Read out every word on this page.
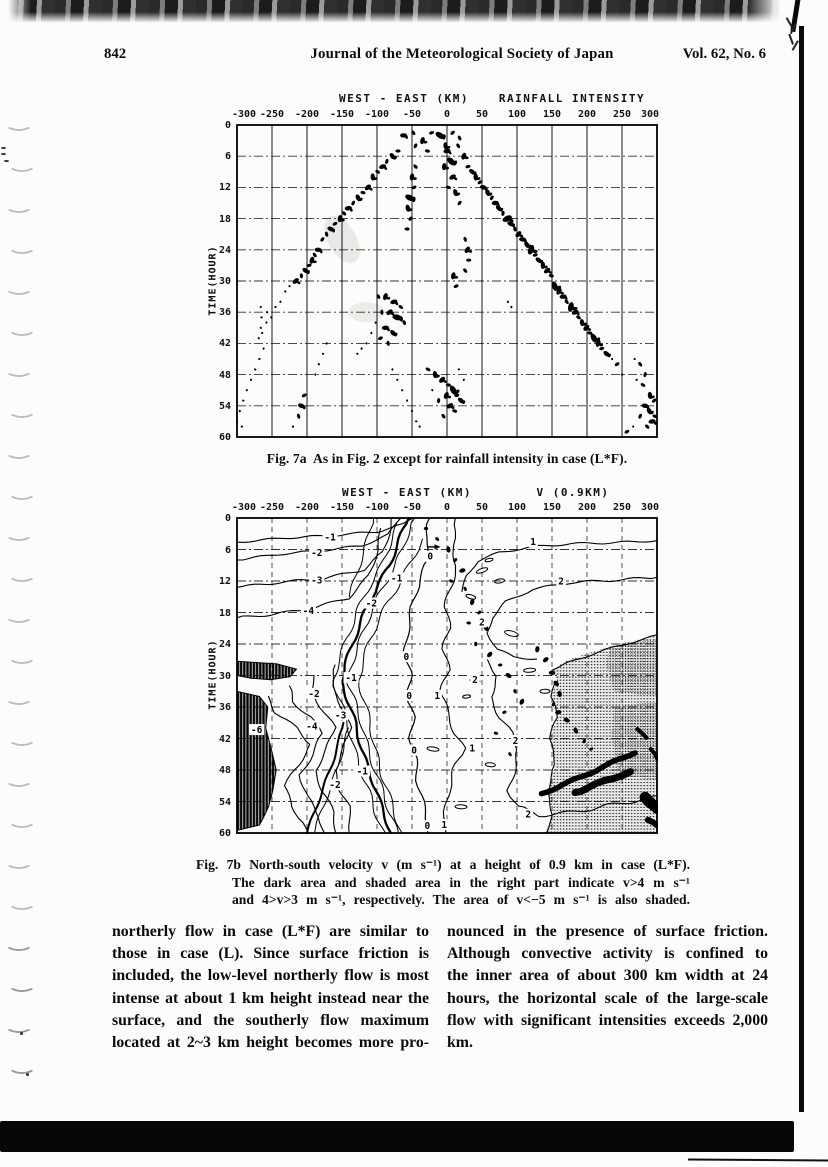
842	Journal of the Meteorological Society of Japan	Vol. 62, No. 6
WEST - EAST (KM)	RAINFALL INTENSITY
TIME(HOUR)
-300 -250	-200	-150	-100	-50	0	50	100	150	200	250 300
0
6
12
18
24
30
36
42
48
54
60
Fig. 7a  As in Fig. 2 except for rainfall intensity in case (L*F).
WEST - EAST (KM)	V (0.9KM)
TIME(HOUR)
-300 -250	-200	-150	-100	-50	0	50	100	150	200	250 300
0
6
12
18
24
30
36
42
48
54
60
-1	1
-2	0
-3	-1	2
-2
-4
2
0
-1	2
-2	0 1
-3
-4
-6
2
1
0
-1
-2
2
0 1
Fig. 7b North-south velocity v (m s⁻¹) at a height of 0.9 km in case (L*F).
The dark area and shaded area in the right part indicate v>4 m s⁻¹
and 4>v>3 m s⁻¹, respectively. The area of v<−5 m s⁻¹ is also shaded.
northerly flow in case (L*F) are similar to
those in case (L). Since surface friction is
included, the low-level northerly flow is most
intense at about 1 km height instead near the
surface, and the southerly flow maximum
located at 2~3 km height becomes more pro-
nounced in the presence of surface friction.
Although convective activity is confined to
the inner area of about 300 km width at 24
hours, the horizontal scale of the large-scale
flow with significant intensities exceeds 2,000
km.
